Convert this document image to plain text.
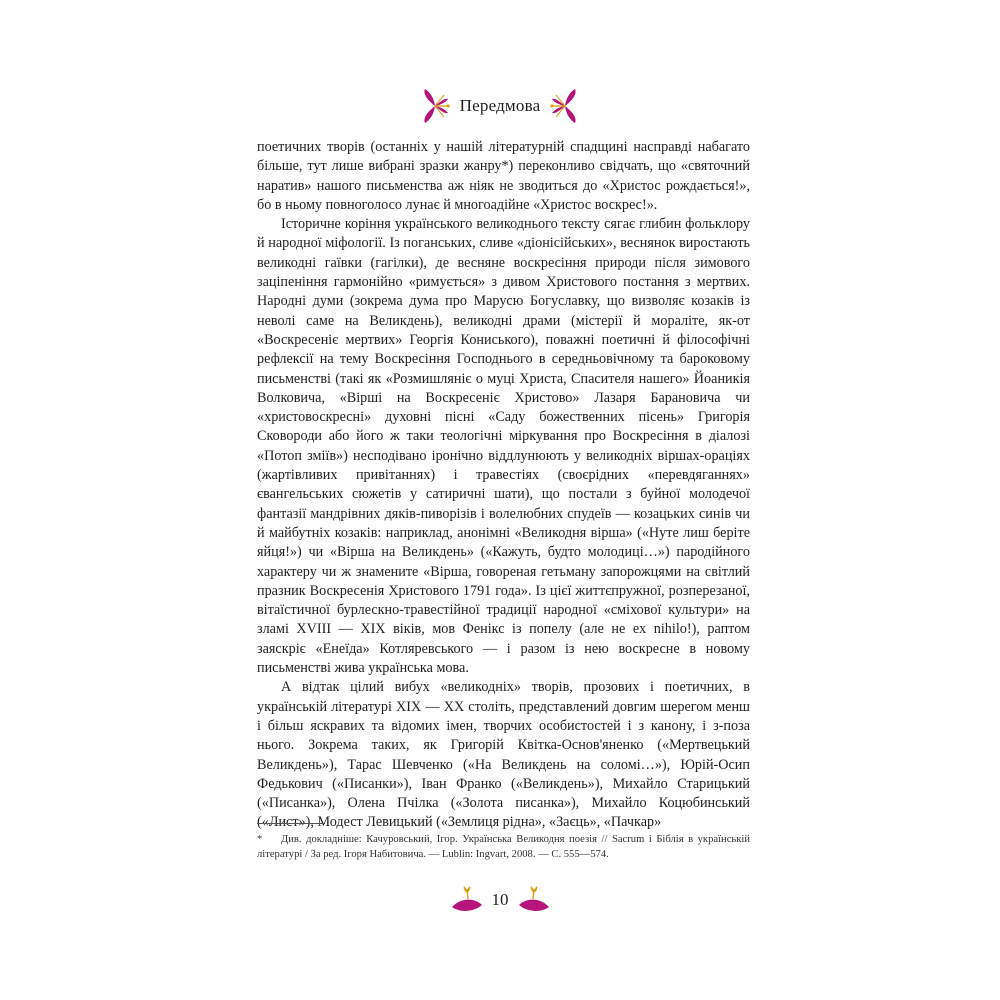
Передмова

поетичних творів (останніх у нашій літературній спадщині насправді набагато більше, тут лише вибрані зразки жанру*) переконливо свідчать, що «святочний наратив» нашого письменства аж ніяк не зводиться до «Христос рождається!», бо в ньому повноголосо лунає й многоадійне «Христос воскрес!».

Історичне коріння українського великоднього тексту сягає глибин фольклору й народної міфології. Із поганських, сливе «діонісійських», веснянок виростають великодні гаївки (гагілки), де весняне воскресіння природи після зимового заціпеніння гармонійно «римується» з дивом Христового постання з мертвих. Народні думи (зокрема дума про Марусю Богуславку, що визволяє козаків із неволі саме на Великдень), великодні драми (містерії й мораліте, як-от «Воскресеніє мертвих» Георгія Кониського), поважні поетичні й філософічні рефлексії на тему Воскресіння Господнього в середньовічному та бароковому письменстві (такі як «Розмишляніє о муці Христа, Спасителя нашего» Йоаникія Волковича, «Вірші на Воскресеніє Христово» Лазаря Барановича чи «христовоскресні» духовні пісні «Саду божественних пісень» Григорія Сковороди або його ж таки теологічні міркування про Воскресіння в діалозі «Потоп зміїв») несподівано іронічно віддлунюють у великодніх віршах-ораціях (жартівливих привітаннях) і травестіях (своєрідних «перевдяганнях» євангельських сюжетів у сатиричні шати), що постали з буйної молодечої фантазії мандрівних дяків-пиворізів і волелюбних спудеїв — козацьких синів чи й майбутніх козаків: наприклад, анонімні «Великодня вірша» («Нуте лиш беріте яйця!») чи «Вірша на Великдень» («Кажуть, будто молодиці…») пародійного характеру чи ж знамените «Вірша, говореная гетьману запорожцями на світлий празник Воскресенія Христового 1791 года». Із цієї життєпружної, розперезаної, вітаїстичної бурлескно-травестійної традиції народної «сміхової культури» на зламі XVIII — XIX віків, мов Фенікс із попелу (але не ex nihilo!), раптом заяскріє «Енеїда» Котляревського — і разом із нею воскресне в новому письменстві жива українська мова.

А відтак цілий вибух «великодніх» творів, прозових і поетичних, в українській літературі XIX — XX століть, представлений довгим шерегом менш і більш яскравих та відомих імен, творчих особистостей і з канону, і з-поза нього. Зокрема таких, як Григорій Квітка-Основ'яненко («Мертвецький Великдень»), Тарас Шевченко («На Великдень на соломі…»), Юрій-Осип Федькович («Писанки»), Іван Франко («Великдень»), Михайло Старицький («Писанка»), Олена Пчілка («Золота писанка»), Михайло Коцюбинський («Лист»), Модест Левицький («Землиця рідна», «Заєць», «Пачкар»

* Див. докладніше: Качуровський, Ігор. Українська Великодня поезія // Sacrum і Біблія в українській літературі / За ред. Ігоря Набитовича. — Lublin: Ingvart, 2008. — С. 555—574.
10
